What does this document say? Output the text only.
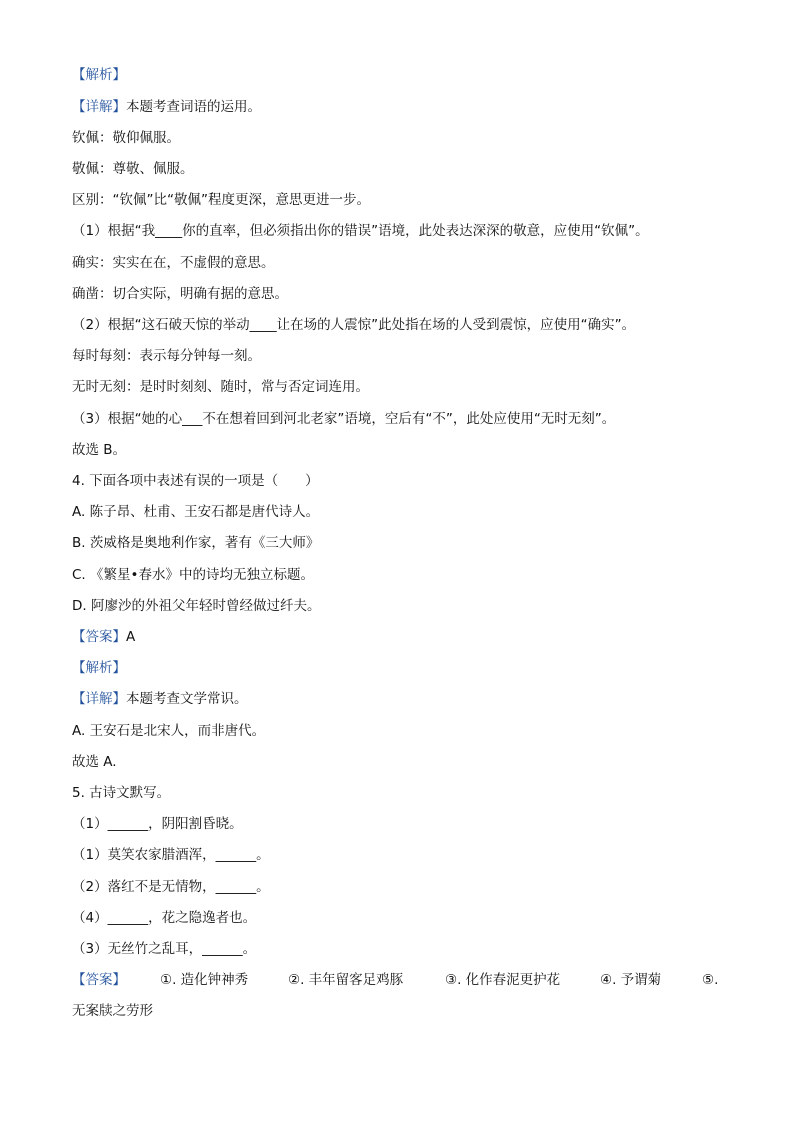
【解析】
【详解】本题考查词语的运用。
钦佩：敬仰佩服。
敬佩：尊敬、佩服。
区别：“钦佩”比“敬佩”程度更深，意思更进一步。
（1）根据“我____你的直率，但必须指出你的错误”语境，此处表达深深的敬意，应使用“钦佩”。
确实：实实在在，不虚假的意思。
确凿：切合实际，明确有据的意思。
（2）根据“这石破天惊的举动____让在场的人震惊”此处指在场的人受到震惊，应使用“确实”。
每时每刻：表示每分钟每一刻。
无时无刻：是时时刻刻、随时，常与否定词连用。
（3）根据“她的心___不在想着回到河北老家”语境，空后有“不”，此处应使用“无时无刻”。
故选 B。
4. 下面各项中表述有误的一项是（　　）
A. 陈子昂、杜甫、王安石都是唐代诗人。
B. 茨威格是奥地利作家，著有《三大师》
C. 《繁星•春水》中的诗均无独立标题。
D. 阿廖沙的外祖父年轻时曾经做过纤夫。
【答案】A
【解析】
【详解】本题考查文学常识。
A. 王安石是北宋人，而非唐代。
故选 A.
5. 古诗文默写。
（1）______，阴阳割昏晓。
（1）莫笑农家腊酒浑，______。
（2）落红不是无情物，______。
（4）______，花之隐逸者也。
（3）无丝竹之乱耳，______。
【答案】	①. 造化钟神秀	②. 丰年留客足鸡豚	③. 化作春泥更护花	④. 予谓菊	⑤.
无案牍之劳形
